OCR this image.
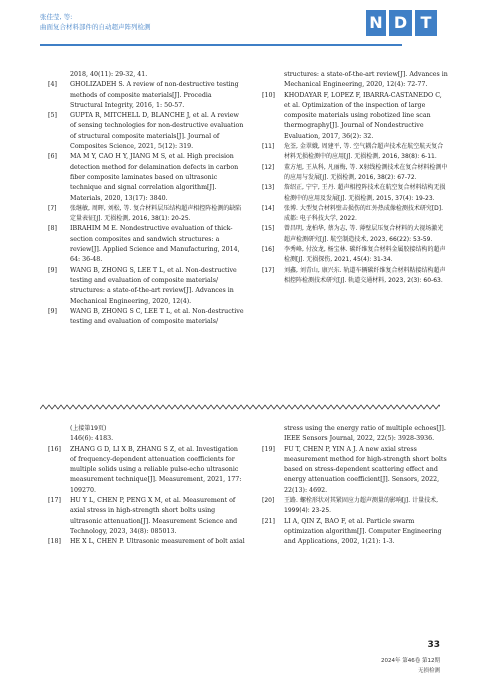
张佳莹, 等:
曲面复合材料部件的自动超声阵列检测	N D T
2018, 40(11): 29-32, 41.
[4] GHOLIZADEH S. A review of non-destructive testing methods of composite materials[J]. Procedia Structural Integrity, 2016, 1: 50-57.
[5] GUPTA R, MITCHELL D, BLANCHE J, et al. A review of sensing technologies for non-destructive evaluation of structural composite materials[J]. Journal of Composites Science, 2021, 5(12): 319.
[6] MA M Y, CAO H Y, JIANG M S, et al. High precision detection method for delamination defects in carbon fiber composite laminates based on ultrasonic technique and signal correlation algorithm[J]. Materials, 2020, 13(17): 3840.
[7] 张继敏, 周晖, 刘松, 等. 复合材料层压结构超声相控阵检测的缺陷定量表征[J]. 无损检测, 2016, 38(1): 20-25.
[8] IBRAHIM M E. Nondestructive evaluation of thick-section composites and sandwich structures: a review[J]. Applied Science and Manufacturing, 2014, 64: 36-48.
[9] WANG B, ZHONG S, LEE T L, et al. Non-destructive testing and evaluation of composite materials/ structures: a state-of-the-art review[J]. Advances in Mechanical Engineering, 2020, 12(4).
[9] WANG B, ZHONG S C, LEE T L, et al. Non-destructive testing and evaluation of composite materials/
structures: a state-of-the-art review[J]. Advances in Mechanical Engineering, 2020, 12(4): 72-77.
[10] KHODAYAR F, LOPEZ F, IBARRA-CASTANEDO C, et al. Optimization of the inspection of large composite materials using robotized line scan thermography[J]. Journal of Nondestructive Evaluation, 2017, 36(2): 32.
[11] 危荃, 金翠娥, 周建平, 等. 空气耦合超声技术在航空航天复合材料无损检测中的应用[J]. 无损检测, 2016, 38(8): 6-11.
[12] 董方旭, 王从科, 凡丽梅, 等. X射线检测技术在复合材料检测中的应用与发展[J]. 无损检测, 2016, 38(2): 67-72.
[13] 詹绍正, 宁宁, 王丹. 超声相控阵技术在航空复合材料结构无损检测中的应用及发展[J]. 无损检测, 2015, 37(4): 19-23.
[14] 张博. 大型复合材料壁击损伤的红外热成像检测技术研究[D]. 成都: 电子科技大学, 2022.
[15] 曾昌明, 龙柏华, 蔡为志, 等. 薄壁层压复合材料的大视场激光超声检测研究[J]. 航空制造技术, 2023, 66(22): 53-59.
[16] 李秀峰, 付汝龙, 杨宝林. 碳纤维复合材料金属胶接结构的超声检测[J]. 无损探伤, 2021, 45(4): 31-34.
[17] 刘鑫, 刘青山, 康兴东. 轨道车辆碳纤维复合材料粘接结构超声相控阵检测技术研究[J]. 轨道交通材料, 2023, 2(3): 60-63.
(上接第19页)
146(6): 4183.
[16] ZHANG G D, LI X B, ZHANG S Z, et al. Investigation of frequency-dependent attenuation coefficients for multiple solids using a reliable pulse-echo ultrasonic measurement technique[J]. Measurement, 2021, 177: 109270.
[17] HU Y L, CHEN P, PENG X M, et al. Measurement of axial stress in high-strength short bolts using ultrasonic attenuation[J]. Measurement Science and Technology, 2023, 34(8): 085013.
[18] HE X L, CHEN P. Ultrasonic measurement of bolt axial
stress using the energy ratio of multiple echoes[J]. IEEE Sensors Journal, 2022, 22(5): 3928-3936.
[19] FU T, CHEN P, YIN A J. A new axial stress measurement method for high-strength short bolts based on stress-dependent scattering effect and energy attenuation coefficient[J]. Sensors, 2022, 22(13): 4692.
[20] 王路. 螺栓形状对其紧固应力超声测量的影响[J]. 计量技术, 1999(4): 23-25.
[21] LI A, QIN Z, BAO F, et al. Particle swarm optimization algorithm[J]. Computer Engineering and Applications, 2002, 1(21): 1-3.
33
2024年 第46卷 第12期
无损检测
